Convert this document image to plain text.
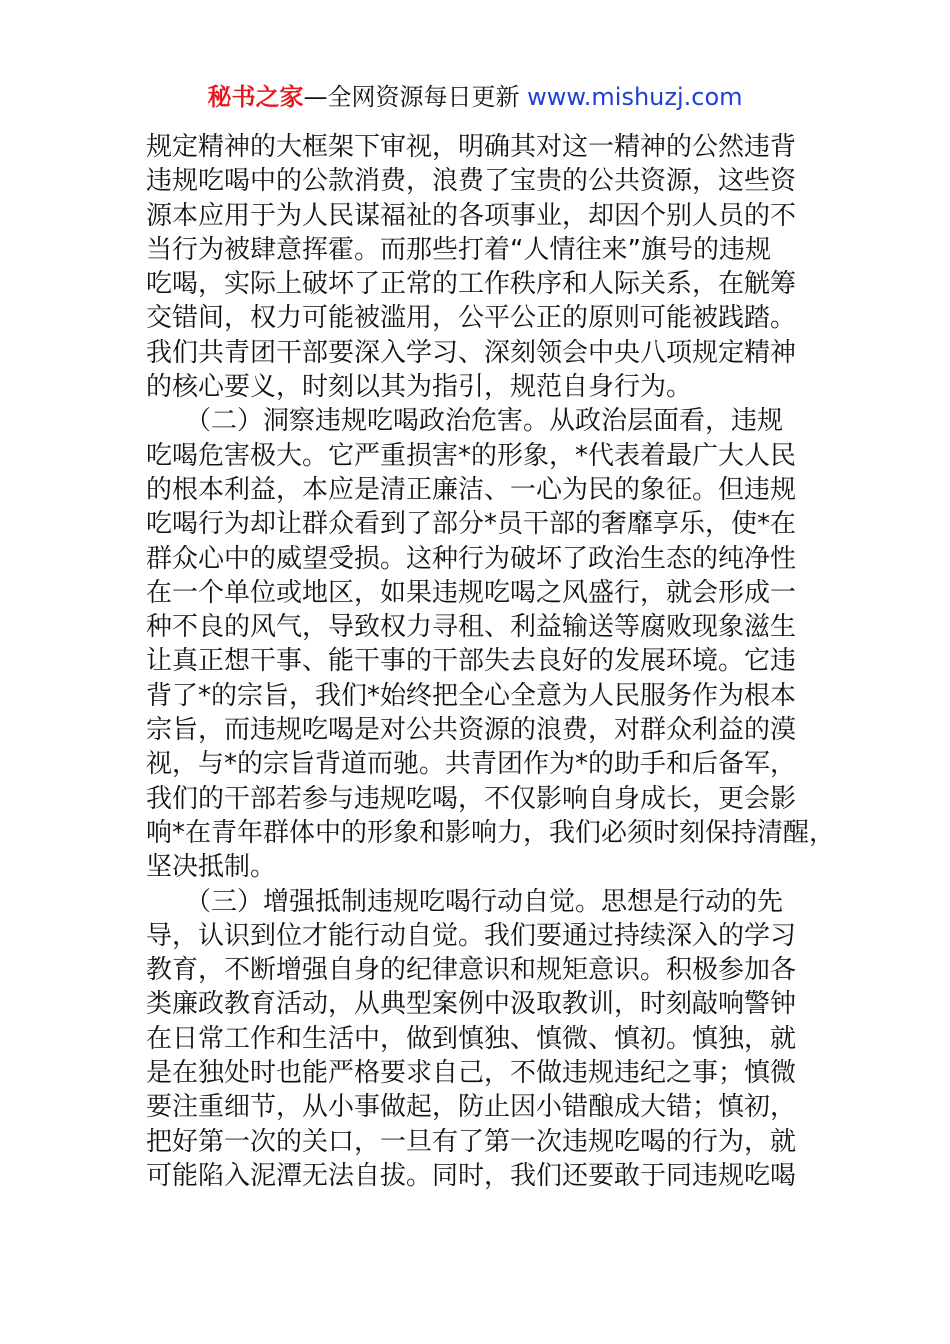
秘书之家—全网资源每日更新 www.mishuzj.com
规定精神的大框架下审视，明确其对这一精神的公然违背
违规吃喝中的公款消费，浪费了宝贵的公共资源，这些资
源本应用于为人民谋福祉的各项事业，却因个别人员的不
当行为被肆意挥霍。而那些打着“人情往来”旗号的违规
吃喝，实际上破坏了正常的工作秩序和人际关系，在觥筹
交错间，权力可能被滥用，公平公正的原则可能被践踏。
我们共青团干部要深入学习、深刻领会中央八项规定精神
的核心要义，时刻以其为指引，规范自身行为。
　　（二）洞察违规吃喝政治危害。从政治层面看，违规
吃喝危害极大。它严重损害*的形象，*代表着最广大人民
的根本利益，本应是清正廉洁、一心为民的象征。但违规
吃喝行为却让群众看到了部分*员干部的奢靡享乐，使*在
群众心中的威望受损。这种行为破坏了政治生态的纯净性
在一个单位或地区，如果违规吃喝之风盛行，就会形成一
种不良的风气，导致权力寻租、利益输送等腐败现象滋生
让真正想干事、能干事的干部失去良好的发展环境。它违
背了*的宗旨，我们*始终把全心全意为人民服务作为根本
宗旨，而违规吃喝是对公共资源的浪费，对群众利益的漠
视，与*的宗旨背道而驰。共青团作为*的助手和后备军，
我们的干部若参与违规吃喝，不仅影响自身成长，更会影
响*在青年群体中的形象和影响力，我们必须时刻保持清醒，
坚决抵制。
　　（三）增强抵制违规吃喝行动自觉。思想是行动的先
导，认识到位才能行动自觉。我们要通过持续深入的学习
教育，不断增强自身的纪律意识和规矩意识。积极参加各
类廉政教育活动，从典型案例中汲取教训，时刻敲响警钟
在日常工作和生活中，做到慎独、慎微、慎初。慎独，就
是在独处时也能严格要求自己，不做违规违纪之事；慎微
要注重细节，从小事做起，防止因小错酿成大错；慎初，
把好第一次的关口，一旦有了第一次违规吃喝的行为，就
可能陷入泥潭无法自拔。同时，我们还要敢于同违规吃喝
